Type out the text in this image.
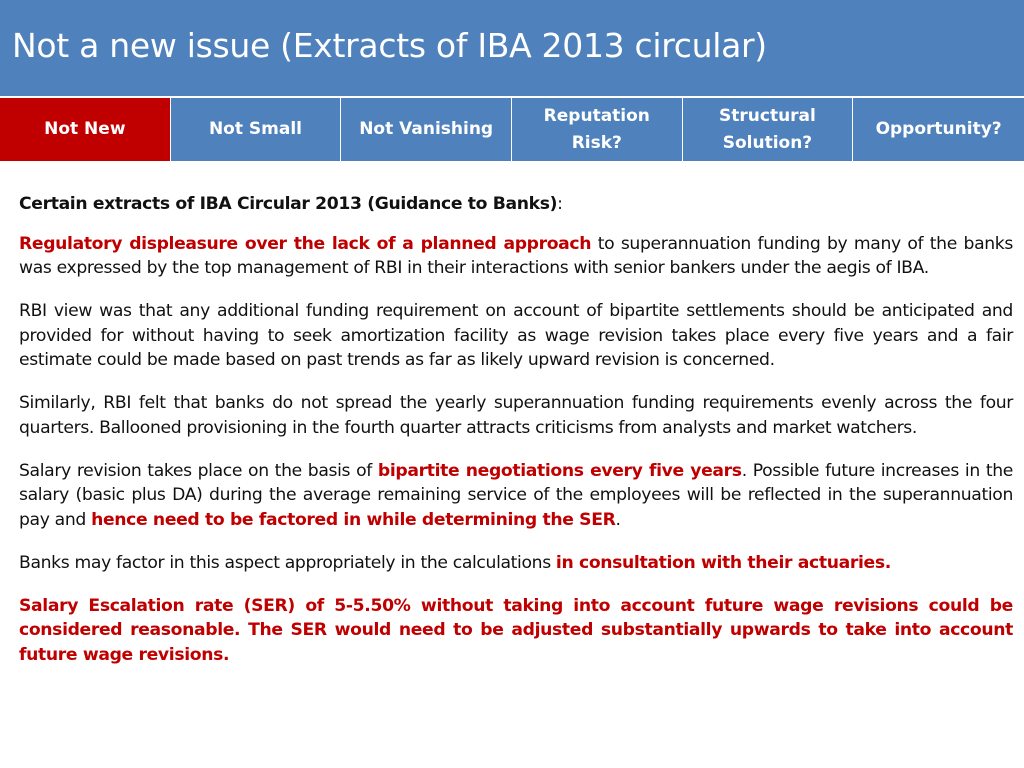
Not a new issue (Extracts of IBA 2013 circular)
Not New	Not Small	Not Vanishing
Reputation Risk?
Structural Solution?
Opportunity?

Certain extracts of IBA Circular 2013 (Guidance to Banks):

Regulatory displeasure over the lack of a planned approach to superannuation funding by many of the banks was expressed by the top management of RBI in their interactions with senior bankers under the aegis of IBA.

RBI view was that any additional funding requirement on account of bipartite settlements should be anticipated and provided for without having to seek amortization facility as wage revision takes place every five years and a fair estimate could be made based on past trends as far as likely upward revision is concerned.

Similarly, RBI felt that banks do not spread the yearly superannuation funding requirements evenly across the four quarters. Ballooned provisioning in the fourth quarter attracts criticisms from analysts and market watchers.

Salary revision takes place on the basis of bipartite negotiations every five years. Possible future increases in the salary (basic plus DA) during the average remaining service of the employees will be reflected in the superannuation pay and hence need to be factored in while determining the SER.

Banks may factor in this aspect appropriately in the calculations in consultation with their actuaries.

Salary Escalation rate (SER) of 5-5.50% without taking into account future wage revisions could be considered reasonable. The SER would need to be adjusted substantially upwards to take into account future wage revisions.
